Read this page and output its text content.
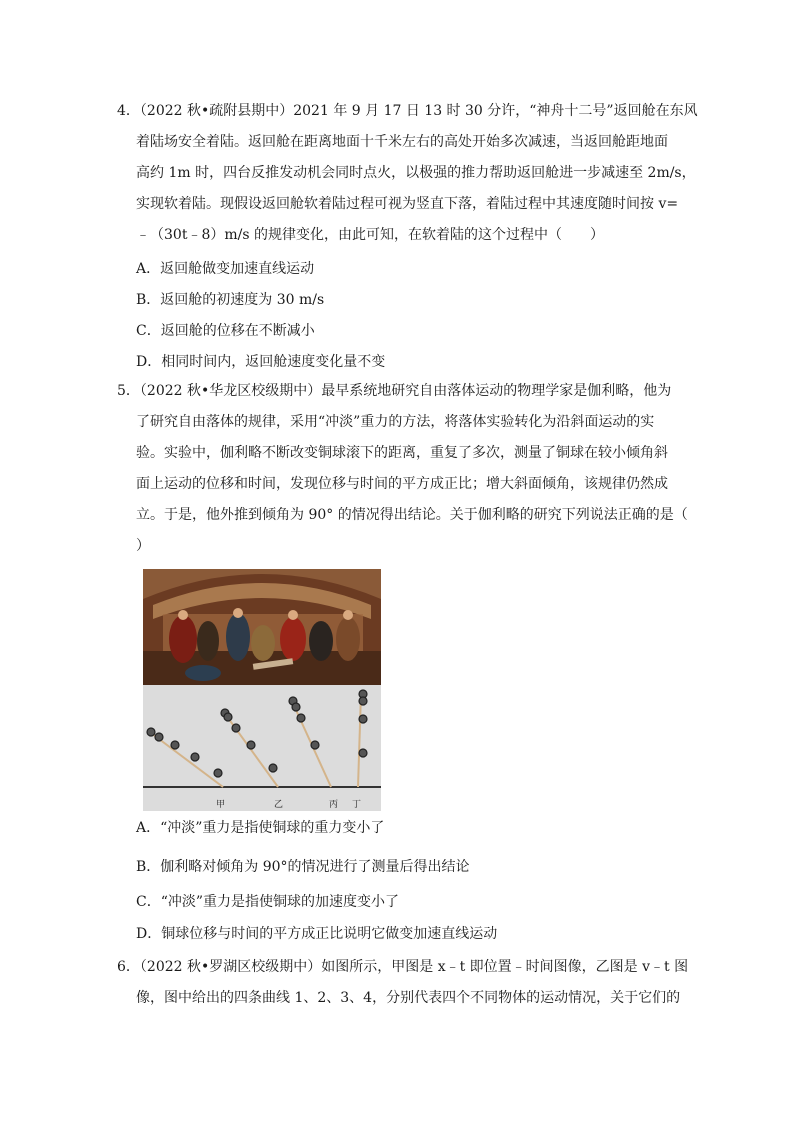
4．（2022 秋•疏附县期中）2021 年 9 月 17 日 13 时 30 分许，“神舟十二号”返回舱在东风

着陆场安全着陆。返回舱在距离地面十千米左右的高处开始多次减速，当返回舱距地面

高约 1m 时，四台反推发动机会同时点火，以极强的推力帮助返回舱进一步减速至 2m/s，

实现软着陆。现假设返回舱软着陆过程可视为竖直下落，着陆过程中其速度随时间按 v=

﹣（30t﹣8）m/s 的规律变化，由此可知，在软着陆的这个过程中（　　）

A．返回舱做变加速直线运动
B．返回舱的初速度为 30 m/s
C．返回舱的位移在不断减小
D．相同时间内，返回舱速度变化量不变

5．（2022 秋•华龙区校级期中）最早系统地研究自由落体运动的物理学家是伽利略，他为

了研究自由落体的规律，采用“冲淡”重力的方法，将落体实验转化为沿斜面运动的实

验。实验中，伽利略不断改变铜球滚下的距离，重复了多次，测量了铜球在较小倾角斜

面上运动的位移和时间，发现位移与时间的平方成正比；增大斜面倾角，该规律仍然成

立。于是，他外推到倾角为 90° 的情况得出结论。关于伽利略的研究下列说法正确的是（

）

甲	乙	丙 丁
A．“冲淡”重力是指使铜球的重力变小了
B．伽利略对倾角为 90°的情况进行了测量后得出结论
C．“冲淡”重力是指使铜球的加速度变小了
D．铜球位移与时间的平方成正比说明它做变加速直线运动

6．（2022 秋•罗湖区校级期中）如图所示，甲图是 x﹣t 即位置﹣时间图像，乙图是 v﹣t 图

像，图中给出的四条曲线 1、2、3、4，分别代表四个不同物体的运动情况，关于它们的
